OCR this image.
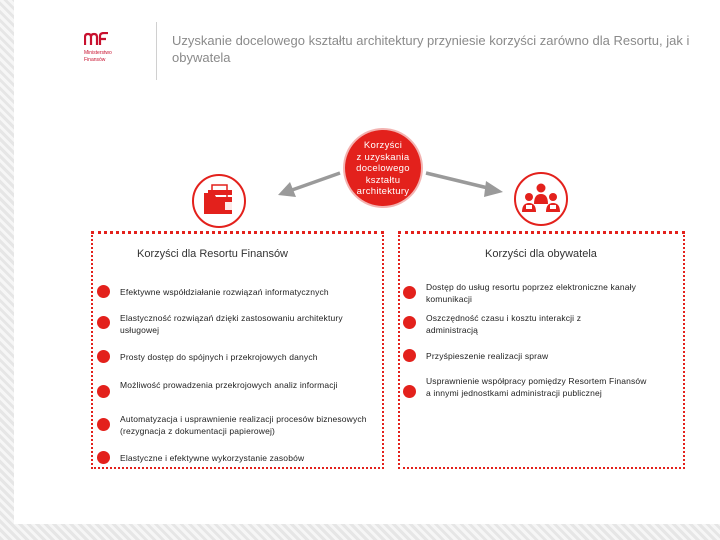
Ministerstwo
Finansów
Uzyskanie docelowego kształtu architektury przyniesie korzyści zarówno dla Resortu, jak i obywatela
Korzyści
z uzyskania
docelowego
kształtu
architektury
Korzyści dla Resortu Finansów	Korzyści dla obywatela
Efektywne współdziałanie rozwiązań informatycznych
Elastyczność rozwiązań dzięki zastosowaniu architektury usługowej
Prosty dostęp do spójnych i przekrojowych danych
Możliwość prowadzenia przekrojowych analiz informacji
Automatyzacja i usprawnienie realizacji procesów biznesowych (rezygnacja z dokumentacji papierowej)
Elastyczne i efektywne wykorzystanie zasobów
Dostęp do usług resortu poprzez elektroniczne kanały komunikacji
Oszczędność czasu i kosztu interakcji z administracją
Przyśpieszenie realizacji spraw
Usprawnienie współpracy pomiędzy Resortem Finansów a innymi jednostkami administracji publicznej
